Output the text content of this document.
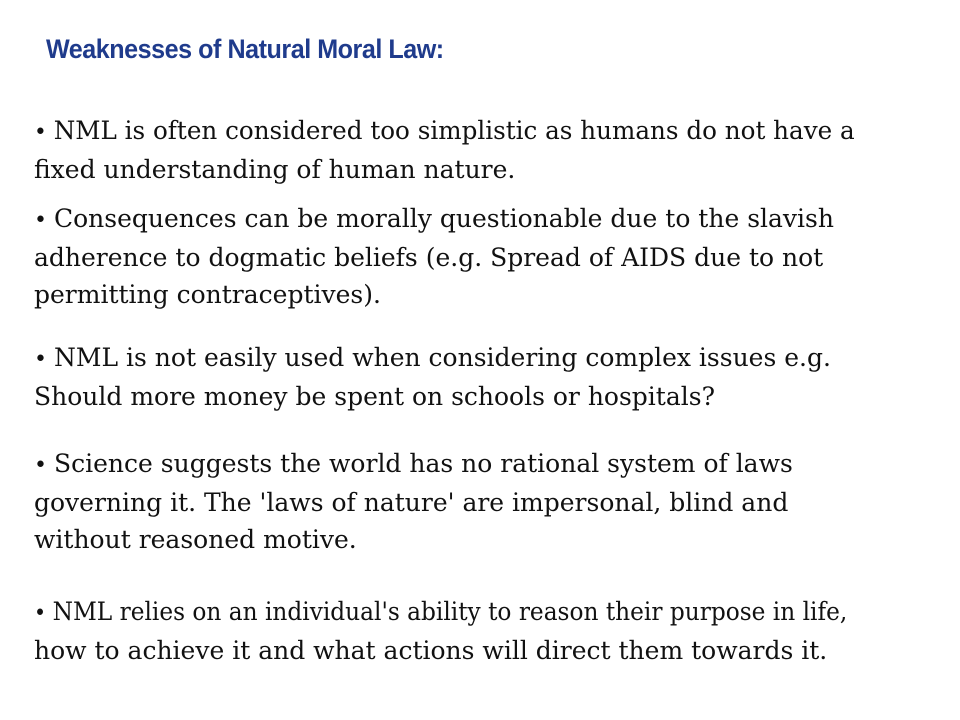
Weaknesses of Natural Moral Law:
• NML is often considered too simplistic as humans do not have a
fixed understanding of human nature.
• Consequences can be morally questionable due to the slavish
adherence to dogmatic beliefs (e.g. Spread of AIDS due to not
permitting contraceptives).
• NML is not easily used when considering complex issues e.g.
Should more money be spent on schools or hospitals?
• Science suggests the world has no rational system of laws
governing it. The 'laws of nature' are impersonal, blind and
without reasoned motive.
• NML relies on an individual's ability to reason their purpose in life,
how to achieve it and what actions will direct them towards it.
